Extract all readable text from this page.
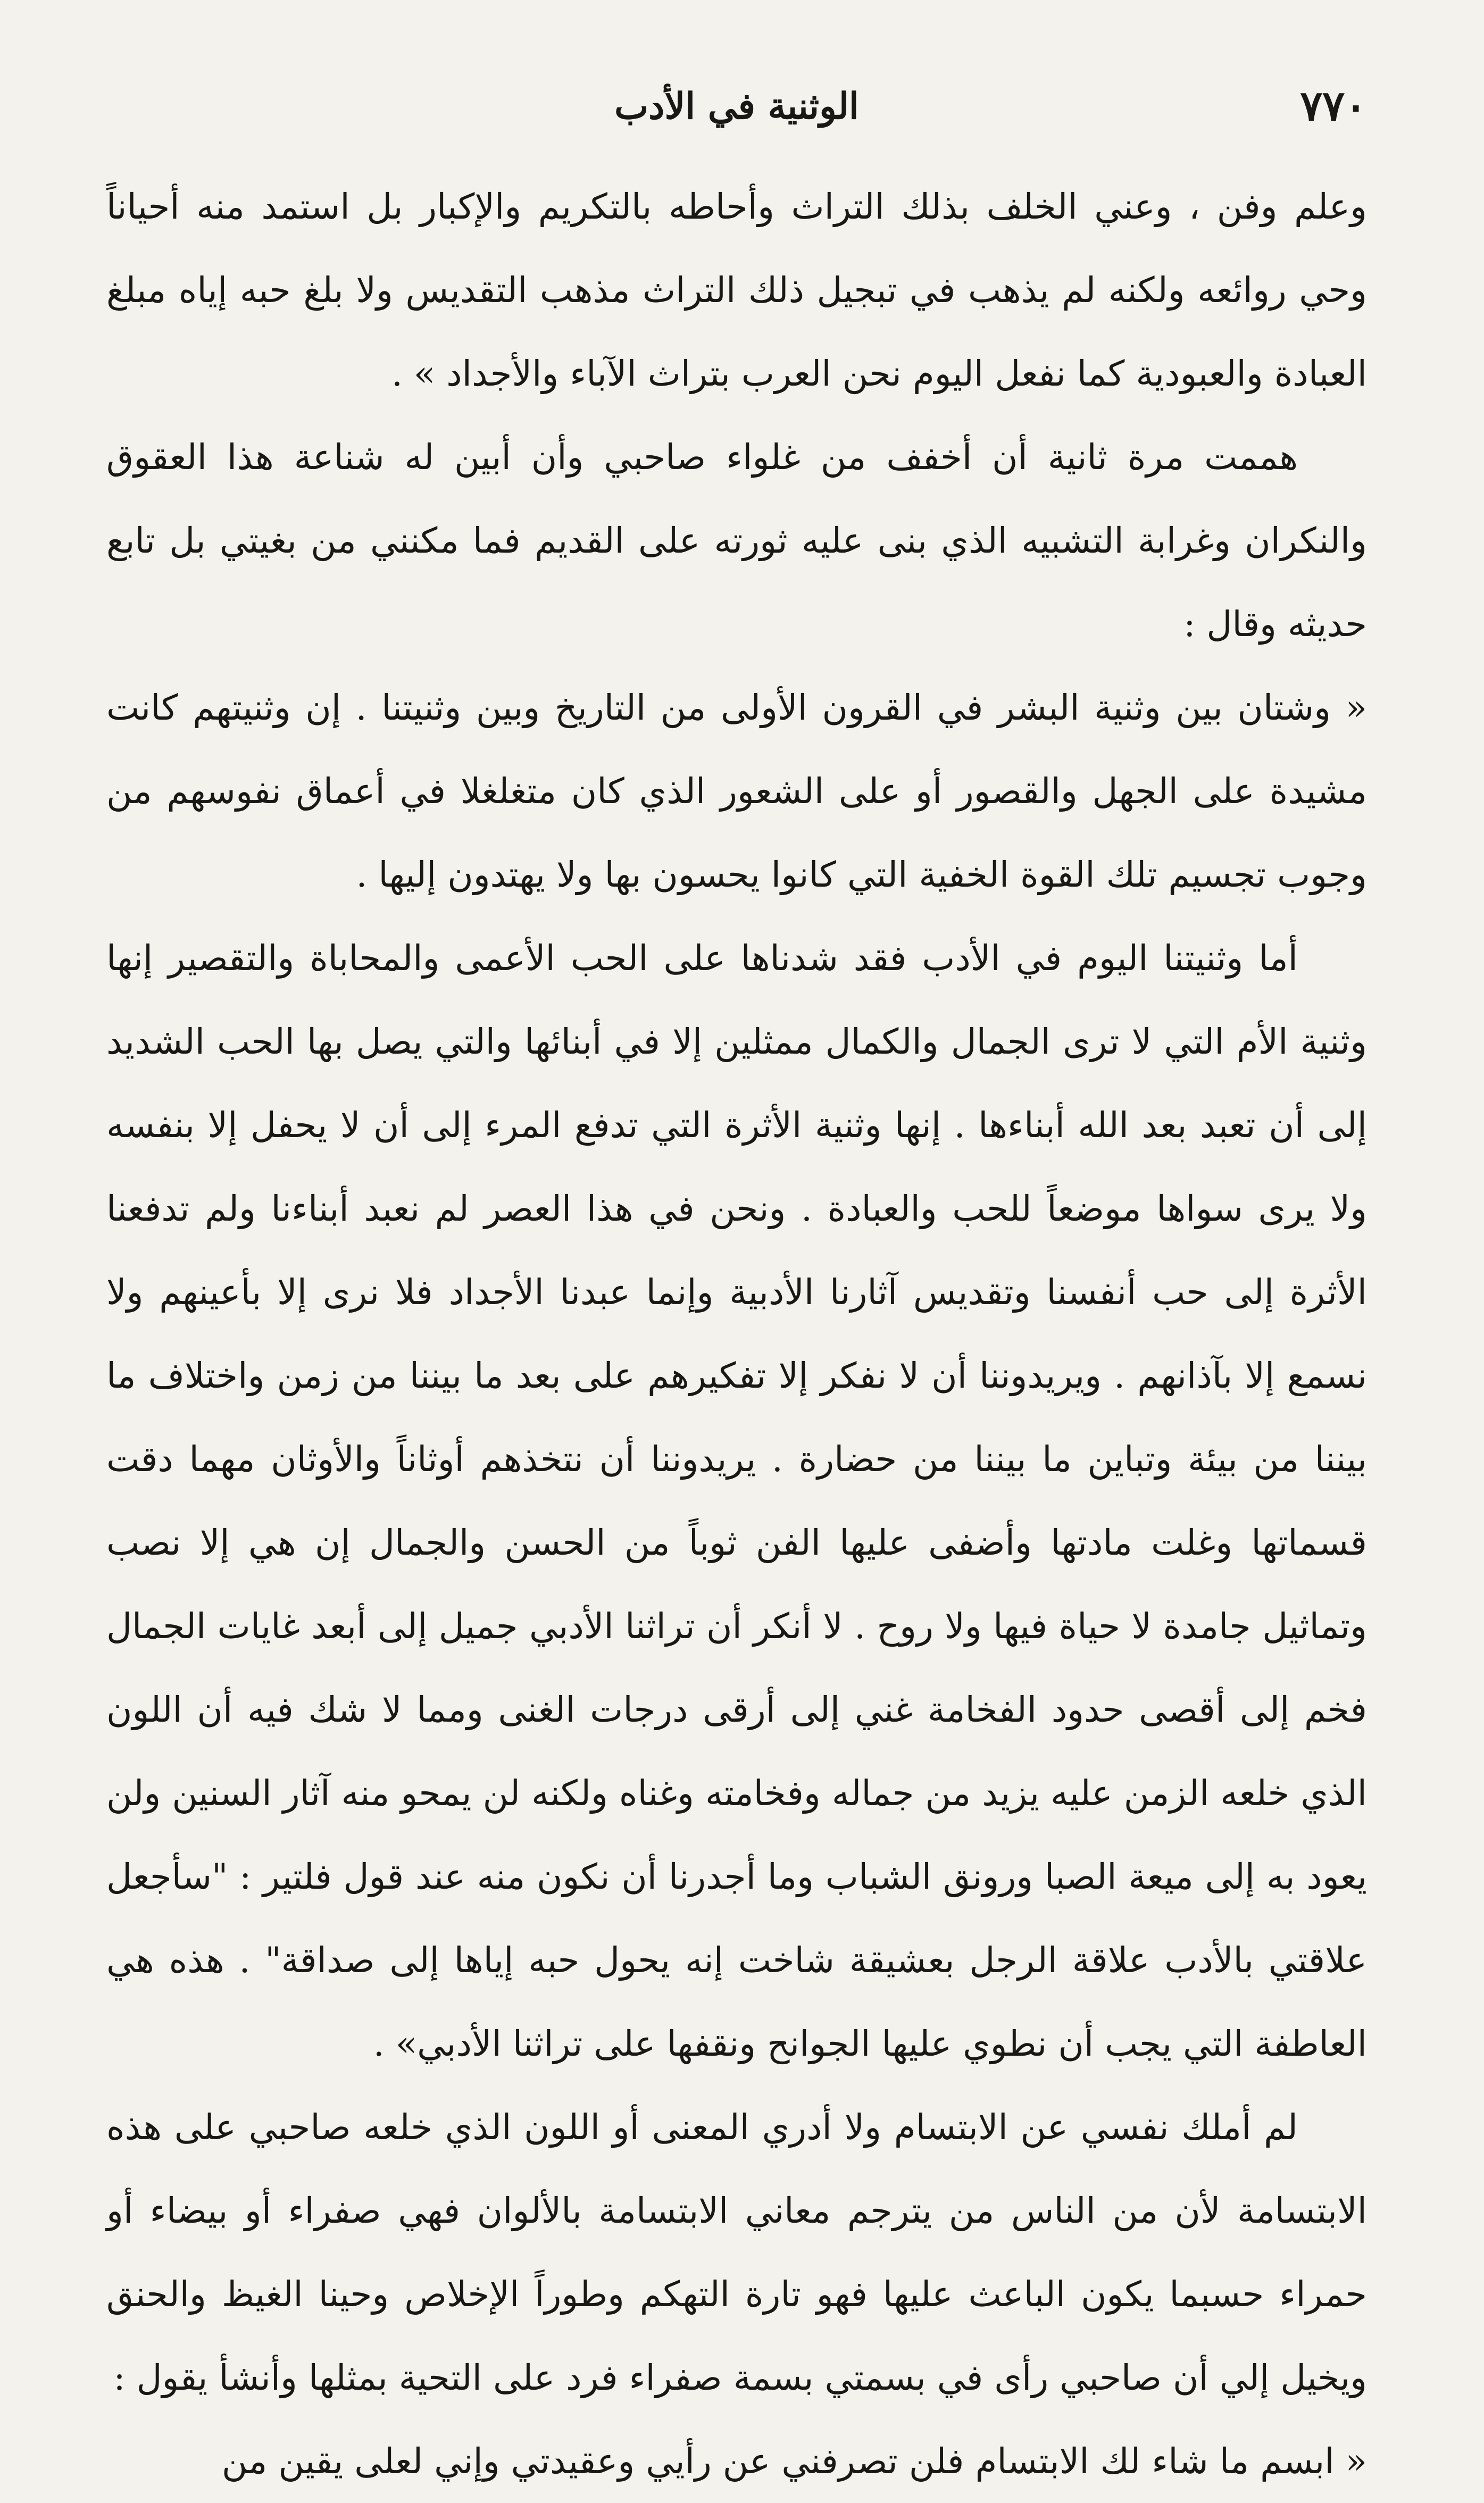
٧٧٠
الوثنية في الأدب

وعلم وفن ، وعني الخلف بذلك التراث وأحاطه بالتكريم والإكبار بل استمد منه أحياناً وحي روائعه ولكنه لم يذهب في تبجيل ذلك التراث مذهب التقديس ولا بلغ حبه إياه مبلغ العبادة والعبودية كما نفعل اليوم نحن العرب بتراث الآباء والأجداد » .

هممت مرة ثانية أن أخفف من غلواء صاحبي وأن أبين له شناعة هذا العقوق والنكران وغرابة التشبيه الذي بنى عليه ثورته على القديم فما مكنني من بغيتي بل تابع حديثه وقال :

« وشتان بين وثنية البشر في القرون الأولى من التاريخ وبين وثنيتنا . إن وثنيتهم كانت مشيدة على الجهل والقصور أو على الشعور الذي كان متغلغلا في أعماق نفوسهم من وجوب تجسيم تلك القوة الخفية التي كانوا يحسون بها ولا يهتدون إليها .

أما وثنيتنا اليوم في الأدب فقد شدناها على الحب الأعمى والمحاباة والتقصير إنها وثنية الأم التي لا ترى الجمال والكمال ممثلين إلا في أبنائها والتي يصل بها الحب الشديد إلى أن تعبد بعد الله أبناءها . إنها وثنية الأثرة التي تدفع المرء إلى أن لا يحفل إلا بنفسه ولا يرى سواها موضعاً للحب والعبادة . ونحن في هذا العصر لم نعبد أبناءنا ولم تدفعنا الأثرة إلى حب أنفسنا وتقديس آثارنا الأدبية وإنما عبدنا الأجداد فلا نرى إلا بأعينهم ولا نسمع إلا بآذانهم . ويريدوننا أن لا نفكر إلا تفكيرهم على بعد ما بيننا من زمن واختلاف ما بيننا من بيئة وتباين ما بيننا من حضارة . يريدوننا أن نتخذهم أوثاناً والأوثان مهما دقت قسماتها وغلت مادتها وأضفى عليها الفن ثوباً من الحسن والجمال إن هي إلا نصب وتماثيل جامدة لا حياة فيها ولا روح . لا أنكر أن تراثنا الأدبي جميل إلى أبعد غايات الجمال فخم إلى أقصى حدود الفخامة غني إلى أرقى درجات الغنى ومما لا شك فيه أن اللون الذي خلعه الزمن عليه يزيد من جماله وفخامته وغناه ولكنه لن يمحو منه آثار السنين ولن يعود به إلى ميعة الصبا ورونق الشباب وما أجدرنا أن نكون منه عند قول فلتير : "سأجعل علاقتي بالأدب علاقة الرجل بعشيقة شاخت إنه يحول حبه إياها إلى صداقة" . هذه هي العاطفة التي يجب أن نطوي عليها الجوانح ونقفها على تراثنا الأدبي» .

لم أملك نفسي عن الابتسام ولا أدري المعنى أو اللون الذي خلعه صاحبي على هذه الابتسامة لأن من الناس من يترجم معاني الابتسامة بالألوان فهي صفراء أو بيضاء أو حمراء حسبما يكون الباعث عليها فهو تارة التهكم وطوراً الإخلاص وحينا الغيظ والحنق ويخيل إلي أن صاحبي رأى في بسمتي بسمة صفراء فرد على التحية بمثلها وأنشأ يقول :

« ابسم ما شاء لك الابتسام فلن تصرفني عن رأيي وعقيدتي وإني لعلى يقين من
